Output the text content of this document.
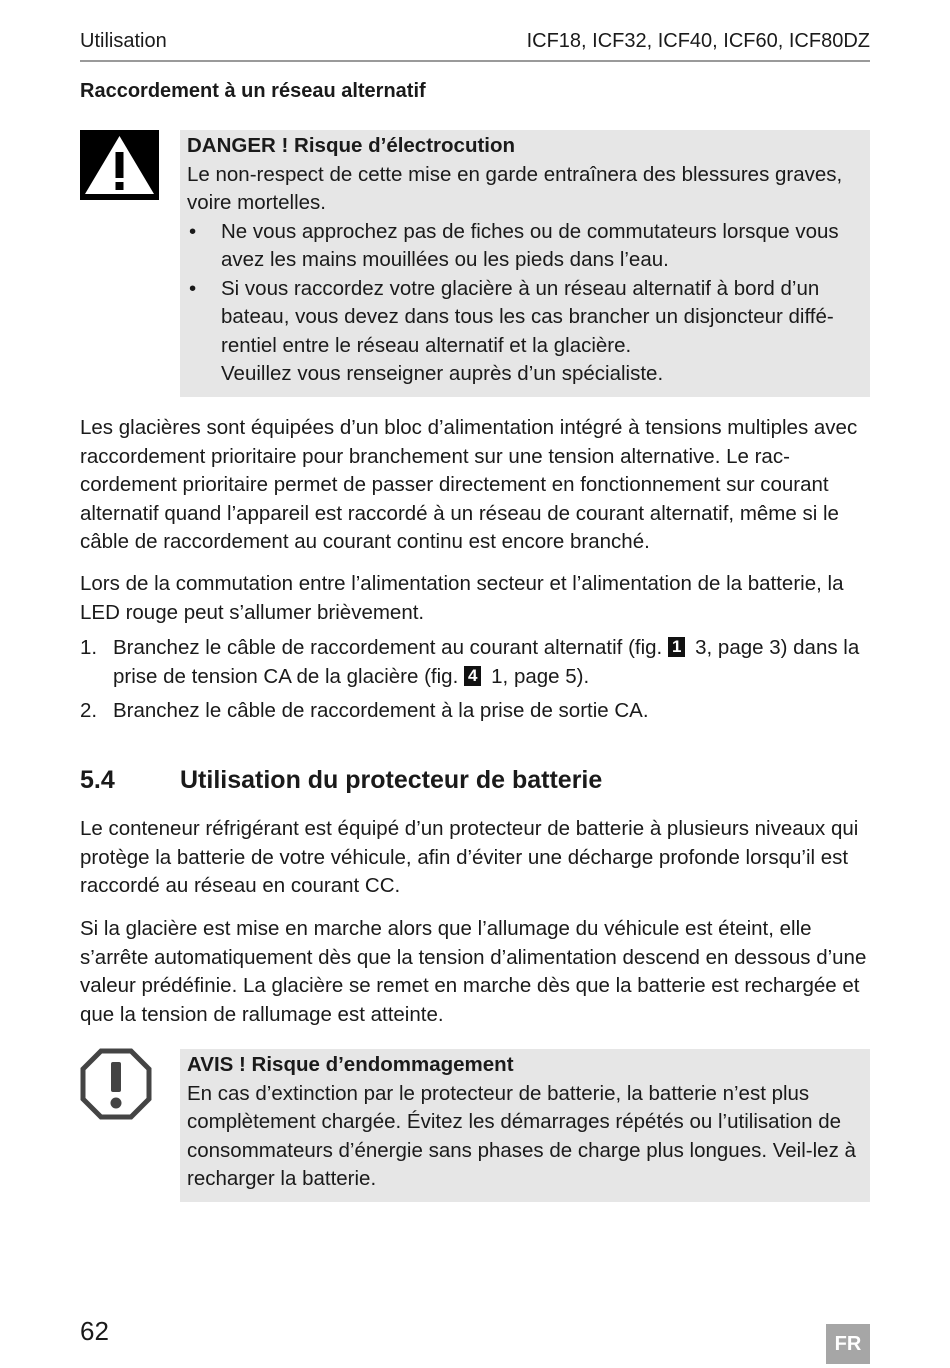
Utilisation	ICF18, ICF32, ICF40, ICF60, ICF80DZ
Raccordement à un réseau alternatif
DANGER ! Risque d’électrocution
Le non-respect de cette mise en garde entraînera des blessures graves, voire mortelles.
• Ne vous approchez pas de fiches ou de commutateurs lorsque vous avez les mains mouillées ou les pieds dans l’eau.
• Si vous raccordez votre glacière à un réseau alternatif à bord d’un bateau, vous devez dans tous les cas brancher un disjoncteur diffé-rentiel entre le réseau alternatif et la glacière.
Veuillez vous renseigner auprès d’un spécialiste.

Les glacières sont équipées d’un bloc d’alimentation intégré à tensions multiples avec raccordement prioritaire pour branchement sur une tension alternative. Le rac-cordement prioritaire permet de passer directement en fonctionnement sur courant alternatif quand l’appareil est raccordé à un réseau de courant alternatif, même si le câble de raccordement au courant continu est encore branché.

Lors de la commutation entre l’alimentation secteur et l’alimentation de la batterie, la LED rouge peut s’allumer brièvement.

1. Branchez le câble de raccordement au courant alternatif (fig. 1 3, page 3) dans la prise de tension CA de la glacière (fig. 4 1, page 5).
2. Branchez le câble de raccordement à la prise de sortie CA.
5.4	Utilisation du protecteur de batterie

Le conteneur réfrigérant est équipé d’un protecteur de batterie à plusieurs niveaux qui protège la batterie de votre véhicule, afin d’éviter une décharge profonde lorsqu’il est raccordé au réseau en courant CC.

Si la glacière est mise en marche alors que l’allumage du véhicule est éteint, elle s’arrête automatiquement dès que la tension d’alimentation descend en dessous d’une valeur prédéfinie. La glacière se remet en marche dès que la batterie est rechargée et que la tension de rallumage est atteinte.

AVIS ! Risque d’endommagement
En cas d’extinction par le protecteur de batterie, la batterie n’est plus complètement chargée. Évitez les démarrages répétés ou l’utilisation de consommateurs d’énergie sans phases de charge plus longues. Veil-lez à recharger la batterie.
62	FR
